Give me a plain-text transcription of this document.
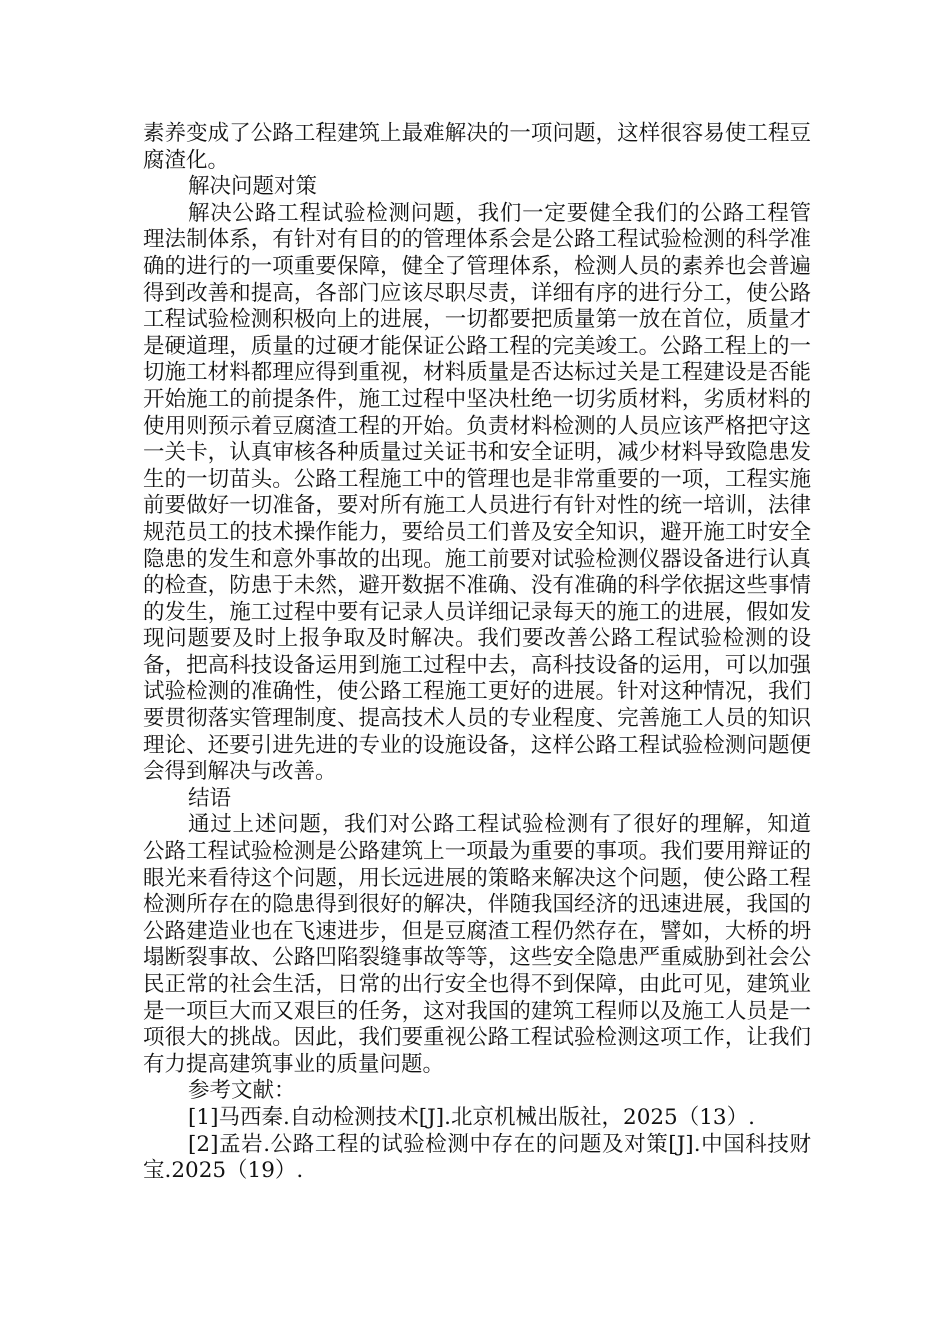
素养变成了公路工程建筑上最难解决的一项问题，这样很容易使工程豆腐渣化。

解决问题对策

解决公路工程试验检测问题，我们一定要健全我们的公路工程管理法制体系，有针对有目的的管理体系会是公路工程试验检测的科学准确的进行的一项重要保障，健全了管理体系，检测人员的素养也会普遍得到改善和提高，各部门应该尽职尽责，详细有序的进行分工，使公路工程试验检测积极向上的进展，一切都要把质量第一放在首位，质量才是硬道理，质量的过硬才能保证公路工程的完美竣工。公路工程上的一切施工材料都理应得到重视，材料质量是否达标过关是工程建设是否能开始施工的前提条件，施工过程中坚决杜绝一切劣质材料，劣质材料的使用则预示着豆腐渣工程的开始。负责材料检测的人员应该严格把守这一关卡，认真审核各种质量过关证书和安全证明，减少材料导致隐患发生的一切苗头。公路工程施工中的管理也是非常重要的一项，工程实施前要做好一切准备，要对所有施工人员进行有针对性的统一培训，法律规范员工的技术操作能力，要给员工们普及安全知识，避开施工时安全隐患的发生和意外事故的出现。施工前要对试验检测仪器设备进行认真的检查，防患于未然，避开数据不准确、没有准确的科学依据这些事情的发生，施工过程中要有记录人员详细记录每天的施工的进展，假如发现问题要及时上报争取及时解决。我们要改善公路工程试验检测的设备，把高科技设备运用到施工过程中去，高科技设备的运用，可以加强试验检测的准确性，使公路工程施工更好的进展。针对这种情况，我们要贯彻落实管理制度、提高技术人员的专业程度、完善施工人员的知识理论、还要引进先进的专业的设施设备，这样公路工程试验检测问题便会得到解决与改善。

结语

通过上述问题，我们对公路工程试验检测有了很好的理解，知道公路工程试验检测是公路建筑上一项最为重要的事项。我们要用辩证的眼光来看待这个问题，用长远进展的策略来解决这个问题，使公路工程检测所存在的隐患得到很好的解决，伴随我国经济的迅速进展，我国的公路建造业也在飞速进步，但是豆腐渣工程仍然存在，譬如，大桥的坍塌断裂事故、公路凹陷裂缝事故等等，这些安全隐患严重威胁到社会公民正常的社会生活，日常的出行安全也得不到保障，由此可见，建筑业是一项巨大而又艰巨的任务，这对我国的建筑工程师以及施工人员是一项很大的挑战。因此，我们要重视公路工程试验检测这项工作，让我们有力提高建筑事业的质量问题。

参考文献：

[1]马西秦.自动检测技术[J].北京机械出版社，2025（13）.

[2]孟岩.公路工程的试验检测中存在的问题及对策[J].中国科技财宝.2025（19）.
